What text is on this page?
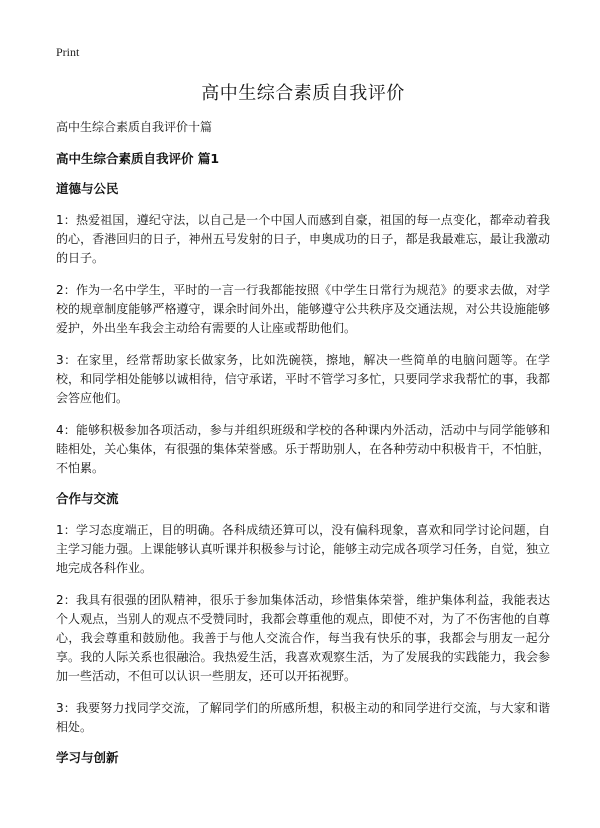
Print
高中生综合素质自我评价
高中生综合素质自我评价十篇
高中生综合素质自我评价 篇1
道德与公民

1：热爱祖国，遵纪守法，以自己是一个中国人而感到自豪，祖国的每一点变化，都牵动着我的心，香港回归的日子，神州五号发射的日子，申奥成功的日子，都是我最难忘，最让我激动的日子。

2：作为一名中学生，平时的一言一行我都能按照《中学生日常行为规范》的要求去做，对学校的规章制度能够严格遵守，课余时间外出，能够遵守公共秩序及交通法规，对公共设施能够爱护，外出坐车我会主动给有需要的人让座或帮助他们。

3：在家里，经常帮助家长做家务，比如洗碗筷，擦地，解决一些简单的电脑问题等。在学校，和同学相处能够以诚相待，信守承诺，平时不管学习多忙，只要同学求我帮忙的事，我都会答应他们。

4：能够积极参加各项活动，参与并组织班级和学校的各种课内外活动，活动中与同学能够和睦相处，关心集体，有很强的集体荣誉感。乐于帮助别人，在各种劳动中积极肯干，不怕脏，不怕累。

合作与交流

1：学习态度端正，目的明确。各科成绩还算可以，没有偏科现象，喜欢和同学讨论问题，自主学习能力强。上课能够认真听课并积极参与讨论，能够主动完成各项学习任务，自觉，独立地完成各科作业。

2：我具有很强的团队精神，很乐于参加集体活动，珍惜集体荣誉，维护集体利益，我能表达个人观点，当别人的观点不受赞同时，我都会尊重他的观点，即使不对，为了不伤害他的自尊心，我会尊重和鼓励他。我善于与他人交流合作，每当我有快乐的事，我都会与朋友一起分享。我的人际关系也很融洽。我热爱生活，我喜欢观察生活，为了发展我的实践能力，我会参加一些活动，不但可以认识一些朋友，还可以开拓视野。

3：我要努力找同学交流，了解同学们的所感所想，积极主动的和同学进行交流，与大家和谐相处。

学习与创新
